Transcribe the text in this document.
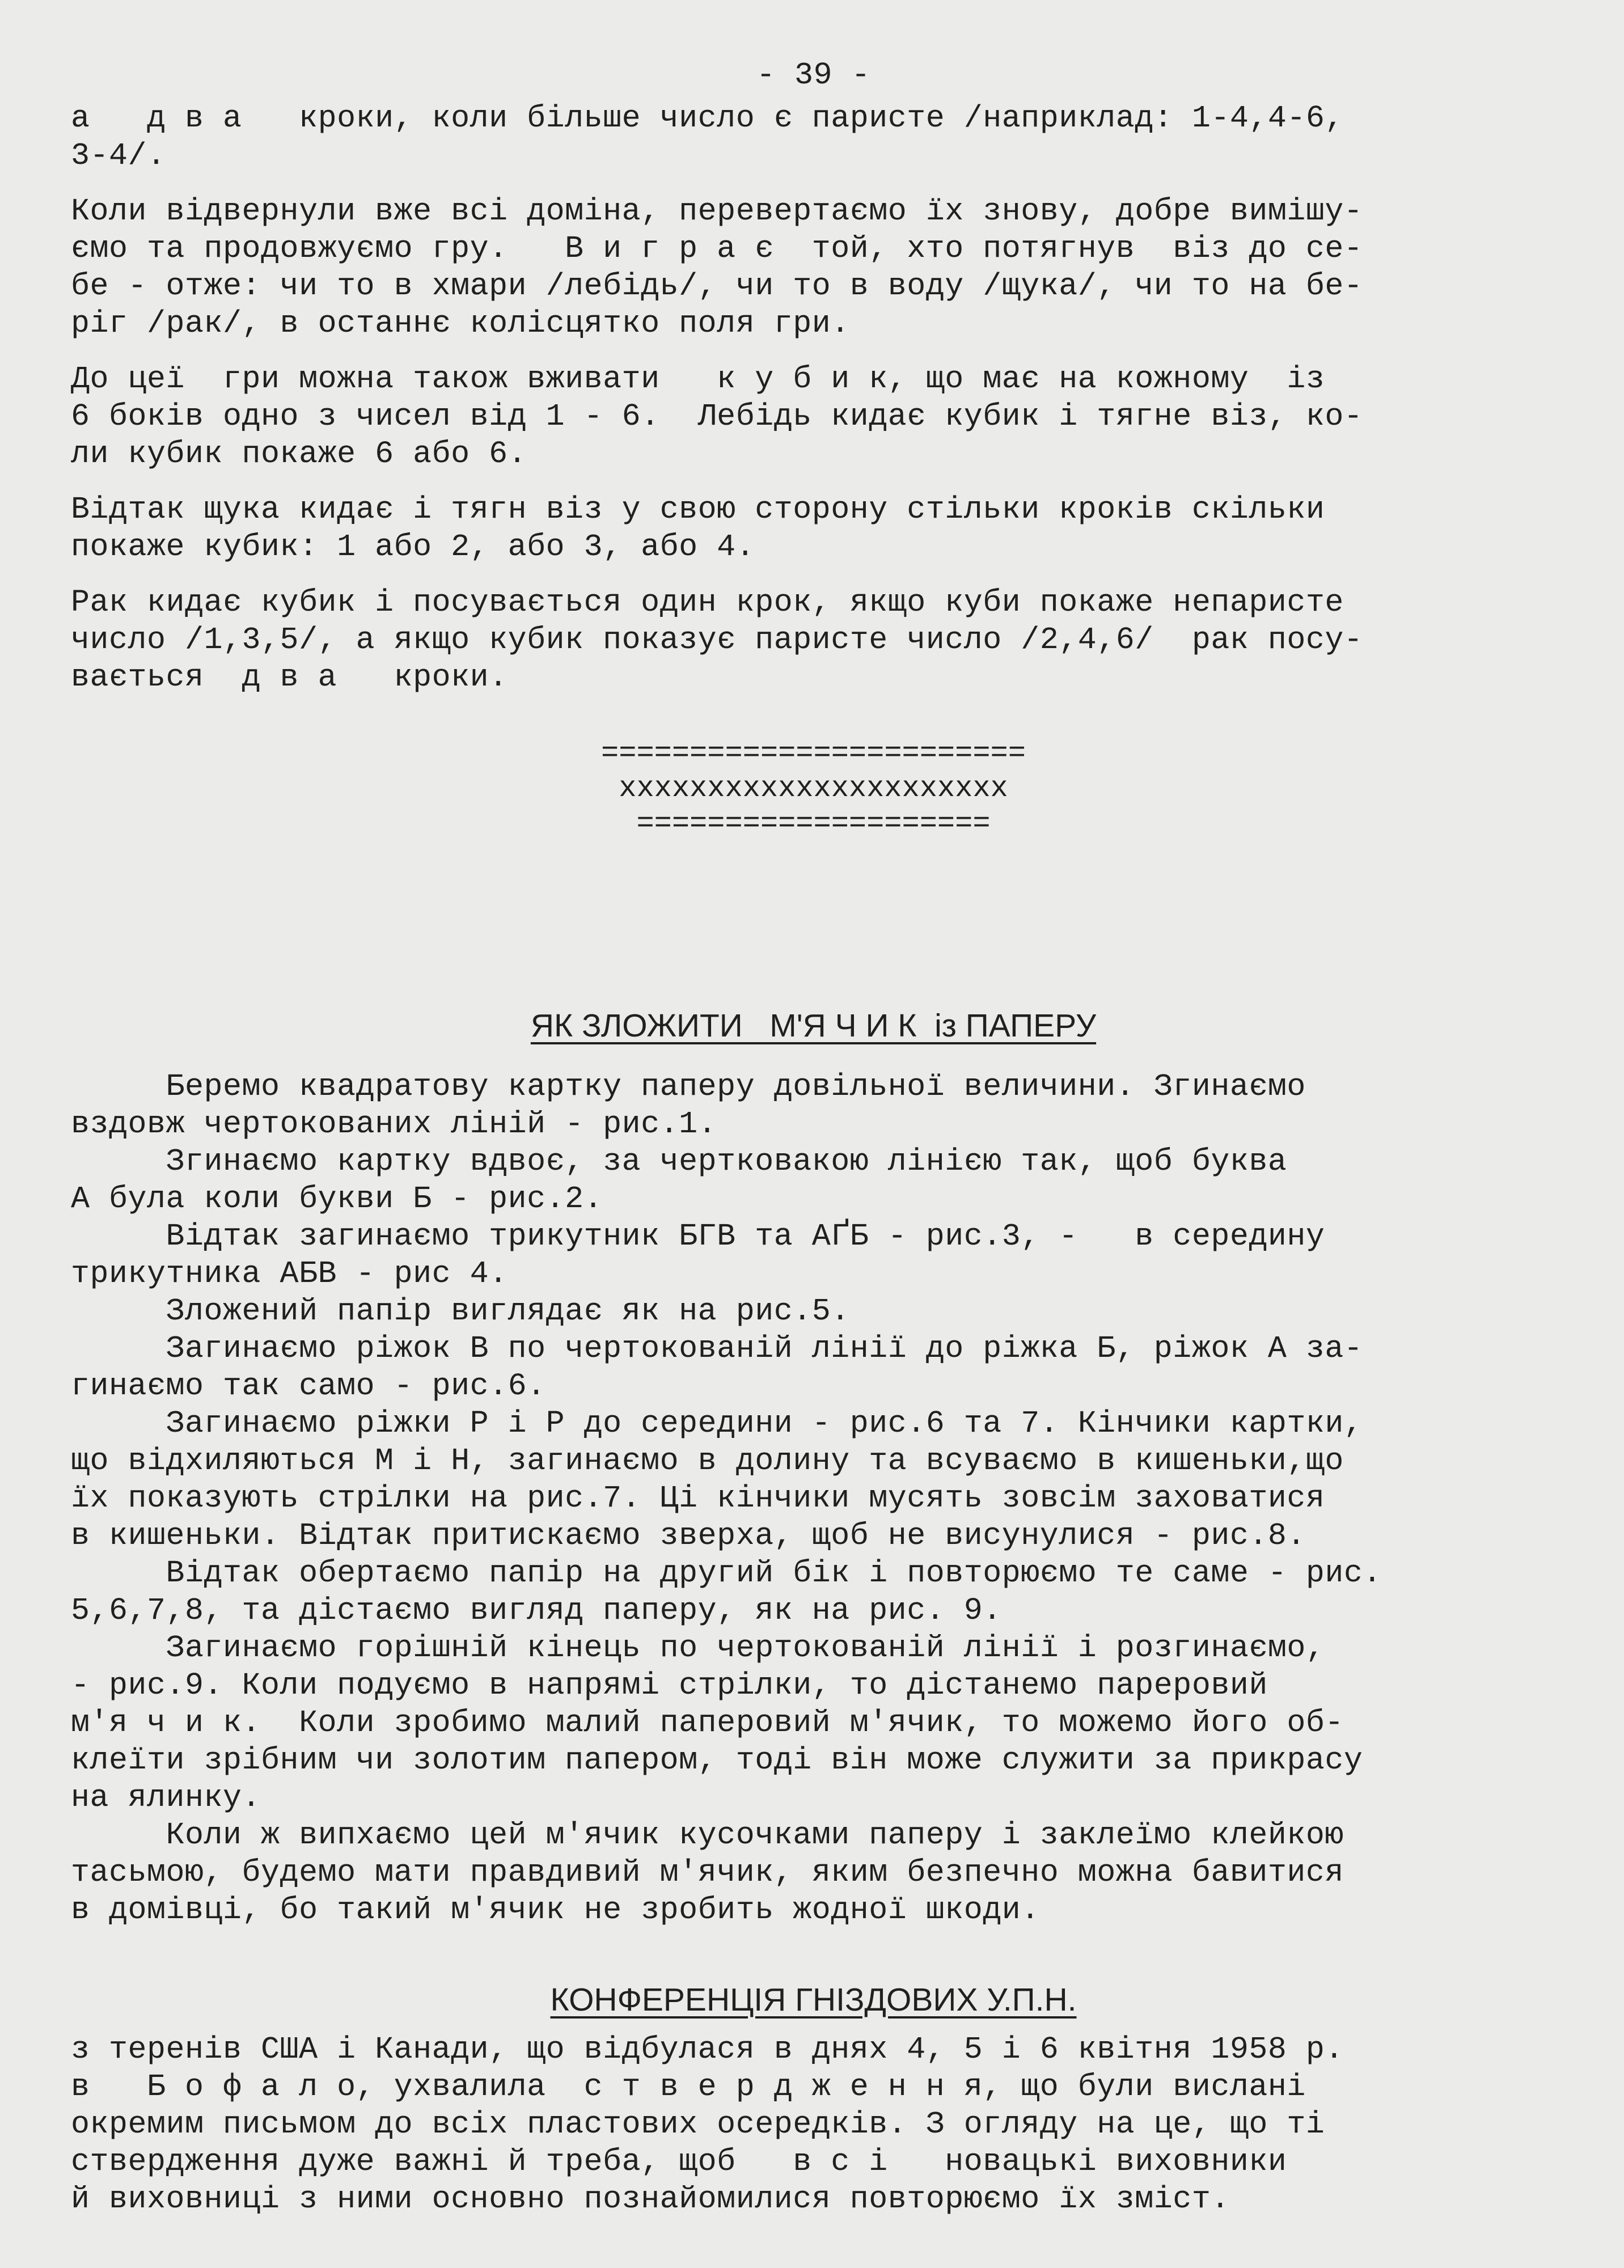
- 39 -
а   д в а   кроки, коли більше число є паристе /наприклад: 1-4,4-6,
3-4/.
Коли відвернули вже всі доміна, перевертаємо їх знову, добре вимішу-
ємо та продовжуємо гру.   В и г р а є  той, хто потягнув  віз до се-
бе - отже: чи то в хмари /лебідь/, чи то в воду /щука/, чи то на бе-
ріг /рак/, в останнє колісцятко поля гри.
До цеї  гри можна також вживати   к у б и к, що має на кожному  із
6 боків одно з чисел від 1 - 6.  Лебідь кидає кубик і тягне віз, ко-
ли кубик покаже 6 або 6.
Відтак щука кидає і тягн віз у свою сторону стільки кроків скільки
покаже кубик: 1 або 2, або 3, або 4.
Рак кидає кубик і посувається один крок, якщо куби покаже непаристе
число /1,3,5/, а якщо кубик показує паристе число /2,4,6/  рак посу-
вається  д в а   кроки.
========================
xxxxxxxxxxxxxxxxxxxxxx
====================
ЯК ЗЛОЖИТИ   М'Я Ч И К  із ПАПЕРУ
Беремо квадратову картку паперу довільної величини. Згинаємо
вздовж чертокованих ліній - рис.1.
Згинаємо картку вдвоє, за чертковакою лінією так, щоб буква
А була коли букви Б - рис.2.
Відтак загинаємо трикутник БГВ та АҐБ - рис.3, -   в середину
трикутника АБВ - рис 4.
Зложений папір виглядає як на рис.5.
Загинаємо ріжок В по чертокованій лінії до ріжка Б, ріжок А за-
гинаємо так само - рис.6.
Загинаємо ріжки Р і Р до середини - рис.6 та 7. Кінчики картки,
що відхиляються М і Н, загинаємо в долину та всуваємо в кишеньки,що
їх показують стрілки на рис.7. Ці кінчики мусять зовсім заховатися
в кишеньки. Відтак притискаємо зверха, щоб не висунулися - рис.8.
Відтак обертаємо папір на другий бік і повторюємо те саме - рис.
5,6,7,8, та дістаємо вигляд паперу, як на рис. 9.
Загинаємо горішній кінець по чертокованій лінії і розгинаємо,
- рис.9. Коли подуємо в напрямі стрілки, то дістанемо пареровий
м'я ч и к.  Коли зробимо малий паперовий м'ячик, то можемо його об-
клеїти зрібним чи золотим папером, тоді він може служити за прикрасу
на ялинку.
Коли ж випхаємо цей м'ячик кусочками паперу і заклеїмо клейкою
тасьмою, будемо мати правдивий м'ячик, яким безпечно можна бавитися
в домівці, бо такий м'ячик не зробить жодної шкоди.
КОНФЕРЕНЦІЯ ГНІЗДОВИХ У.П.Н.
з теренів США і Канади, що відбулася в днях 4, 5 і 6 квітня 1958 р.
в   Б о ф а л о, ухвалила  с т в е р д ж е н н я, що були вислані
окремим письмом до всіх пластових осередків. З огляду на це, що ті
ствердження дуже важні й треба, щоб   в с і   новацькі виховники
й виховниці з ними основно познайомилися повторюємо їх зміст.
